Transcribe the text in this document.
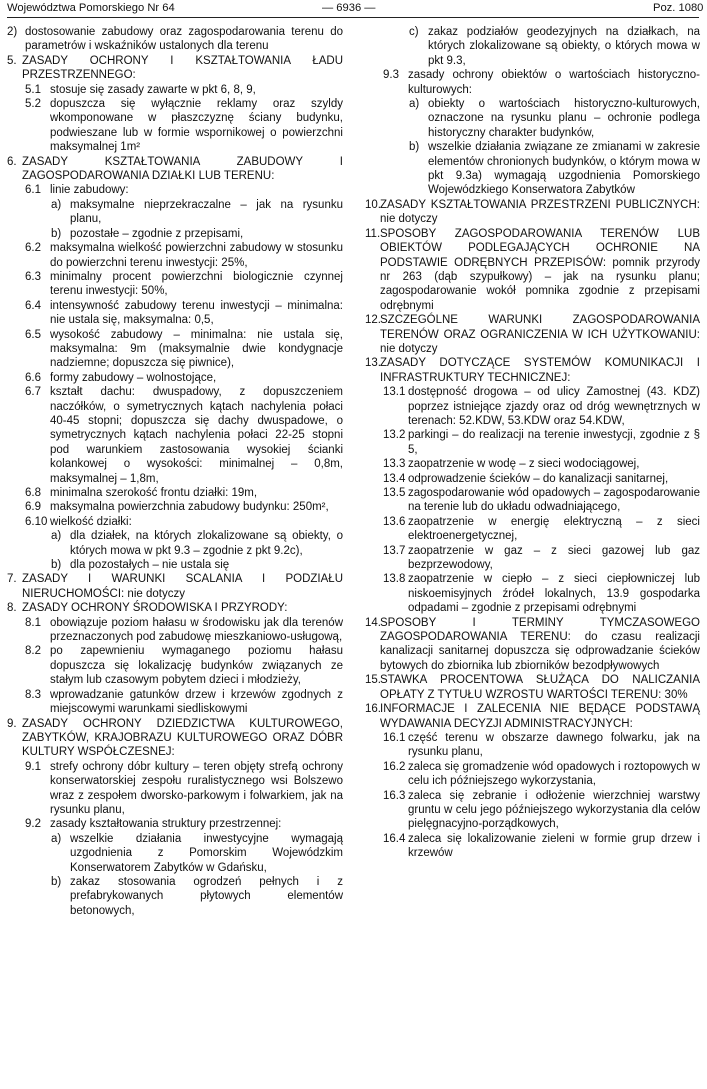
Województwa Pomorskiego Nr 64	— 6936 —	Poz. 1080
2) dostosowanie zabudowy oraz zagospodarowania terenu do parametrów i wskaźników ustalonych dla terenu
5. ZASADY OCHRONY I KSZTAŁTOWANIA ŁADU PRZESTRZENNEGO:
5.1 stosuje się zasady zawarte w pkt 6, 8, 9,
5.2 dopuszcza się wyłącznie reklamy oraz szyldy wkomponowane w płaszczyznę ściany budynku, podwieszane lub w formie wspornikowej o powierzchni maksymalnej 1m²
6. ZASADY KSZTAŁTOWANIA ZABUDOWY I ZAGOSPODAROWANIA DZIAŁKI LUB TERENU:
6.1 linie zabudowy:
a) maksymalne nieprzekraczalne – jak na rysunku planu,
b) pozostałe – zgodnie z przepisami,
6.2 maksymalna wielkość powierzchni zabudowy w stosunku do powierzchni terenu inwestycji: 25%,
6.3 minimalny procent powierzchni biologicznie czynnej terenu inwestycji: 50%,
6.4 intensywność zabudowy terenu inwestycji – minimalna: nie ustala się, maksymalna: 0,5,
6.5 wysokość zabudowy – minimalna: nie ustala się, maksymalna: 9m (maksymalnie dwie kondygnacje nadziemne; dopuszcza się piwnice),
6.6 formy zabudowy – wolnostojące,
6.7 kształt dachu: dwuspadowy, z dopuszczeniem naczółków, o symetrycznych kątach nachylenia połaci 40-45 stopni; dopuszcza się dachy dwuspadowe, o symetrycznych kątach nachylenia połaci 22-25 stopni pod warunkiem zastosowania wysokiej ścianki kolankowej o wysokości: minimalnej – 0,8m, maksymalnej – 1,8m,
6.8 minimalna szerokość frontu działki: 19m,
6.9 maksymalna powierzchnia zabudowy budynku: 250m²,
6.10 wielkość działki:
a) dla działek, na których zlokalizowane są obiekty, o których mowa w pkt 9.3 – zgodnie z pkt 9.2c),
b) dla pozostałych – nie ustala się
7. ZASADY I WARUNKI SCALANIA I PODZIAŁU NIERUCHOMOŚCI: nie dotyczy
8. ZASADY OCHRONY ŚRODOWISKA I PRZYRODY:
8.1 obowiązuje poziom hałasu w środowisku jak dla terenów przeznaczonych pod zabudowę mieszkaniowo-usługową,
8.2 po zapewnieniu wymaganego poziomu hałasu dopuszcza się lokalizację budynków związanych ze stałym lub czasowym pobytem dzieci i młodzieży,
8.3 wprowadzanie gatunków drzew i krzewów zgodnych z miejscowymi warunkami siedliskowymi
9. ZASADY OCHRONY DZIEDZICTWA KULTUROWEGO, ZABYTKÓW, KRAJOBRAZU KULTUROWEGO ORAZ DÓBR KULTURY WSPÓŁCZESNEJ:
9.1 strefy ochrony dóbr kultury – teren objęty strefą ochrony konserwatorskiej zespołu ruralistycznego wsi Bolszewo wraz z zespołem dworsko-parkowym i folwarkiem, jak na rysunku planu,
9.2 zasady kształtowania struktury przestrzennej:
a) wszelkie działania inwestycyjne wymagają uzgodnienia z Pomorskim Wojewódzkim Konserwatorem Zabytków w Gdańsku,
b) zakaz stosowania ogrodzeń pełnych i z prefabrykowanych płytowych elementów betonowych,
c) zakaz podziałów geodezyjnych na działkach, na których zlokalizowane są obiekty, o których mowa w pkt 9.3,
9.3 zasady ochrony obiektów o wartościach historyczno-kulturowych:
a) obiekty o wartościach historyczno-kulturowych, oznaczone na rysunku planu – ochronie podlega historyczny charakter budynków,
b) wszelkie działania związane ze zmianami w zakresie elementów chronionych budynków, o którym mowa w pkt 9.3a) wymagają uzgodnienia Pomorskiego Wojewódzkiego Konserwatora Zabytków
10. ZASADY KSZTAŁTOWANIA PRZESTRZENI PUBLICZNYCH: nie dotyczy
11. SPOSOBY ZAGOSPODAROWANIA TERENÓW LUB OBIEKTÓW PODLEGAJĄCYCH OCHRONIE NA PODSTAWIE ODRĘBNYCH PRZEPISÓW: pomnik przyrody nr 263 (dąb szypułkowy) – jak na rysunku planu; zagospodarowanie wokół pomnika zgodnie z przepisami odrębnymi
12. SZCZEGÓLNE WARUNKI ZAGOSPODAROWANIA TERENÓW ORAZ OGRANICZENIA W ICH UŻYTKOWANIU: nie dotyczy
13. ZASADY DOTYCZĄCE SYSTEMÓW KOMUNIKACJI I INFRASTRUKTURY TECHNICZNEJ:
13.1 dostępność drogowa – od ulicy Zamostnej (43. KDZ) poprzez istniejące zjazdy oraz od dróg wewnętrznych w terenach: 52.KDW, 53.KDW oraz 54.KDW,
13.2 parkingi – do realizacji na terenie inwestycji, zgodnie z § 5,
13.3 zaopatrzenie w wodę – z sieci wodociągowej,
13.4 odprowadzenie ścieków – do kanalizacji sanitarnej,
13.5 zagospodarowanie wód opadowych – zagospodarowanie na terenie lub do układu odwadniającego,
13.6 zaopatrzenie w energię elektryczną – z sieci elektroenergetycznej,
13.7 zaopatrzenie w gaz – z sieci gazowej lub gaz bezprzewodowy,
13.8 zaopatrzenie w ciepło – z sieci ciepłowniczej lub niskoemisyjnych źródeł lokalnych, 13.9 gospodarka odpadami – zgodnie z przepisami odrębnymi
14. SPOSOBY I TERMINY TYMCZASOWEGO ZAGOSPODAROWANIA TERENU: do czasu realizacji kanalizacji sanitarnej dopuszcza się odprowadzanie ścieków bytowych do zbiornika lub zbiorników bezodpływowych
15. STAWKA PROCENTOWA SŁUŻĄCA DO NALICZANIA OPŁATY Z TYTUŁU WZROSTU WARTOŚCI TERENU: 30%
16. INFORMACJE I ZALECENIA NIE BĘDĄCE PODSTAWĄ WYDAWANIA DECYZJI ADMINISTRACYJNYCH:
16.1 część terenu w obszarze dawnego folwarku, jak na rysunku planu,
16.2 zaleca się gromadzenie wód opadowych i roztopowych w celu ich późniejszego wykorzystania,
16.3 zaleca się zebranie i odłożenie wierzchniej warstwy gruntu w celu jego późniejszego wykorzystania dla celów pielęgnacyjno-porządkowych,
16.4 zaleca się lokalizowanie zieleni w formie grup drzew i krzewów
